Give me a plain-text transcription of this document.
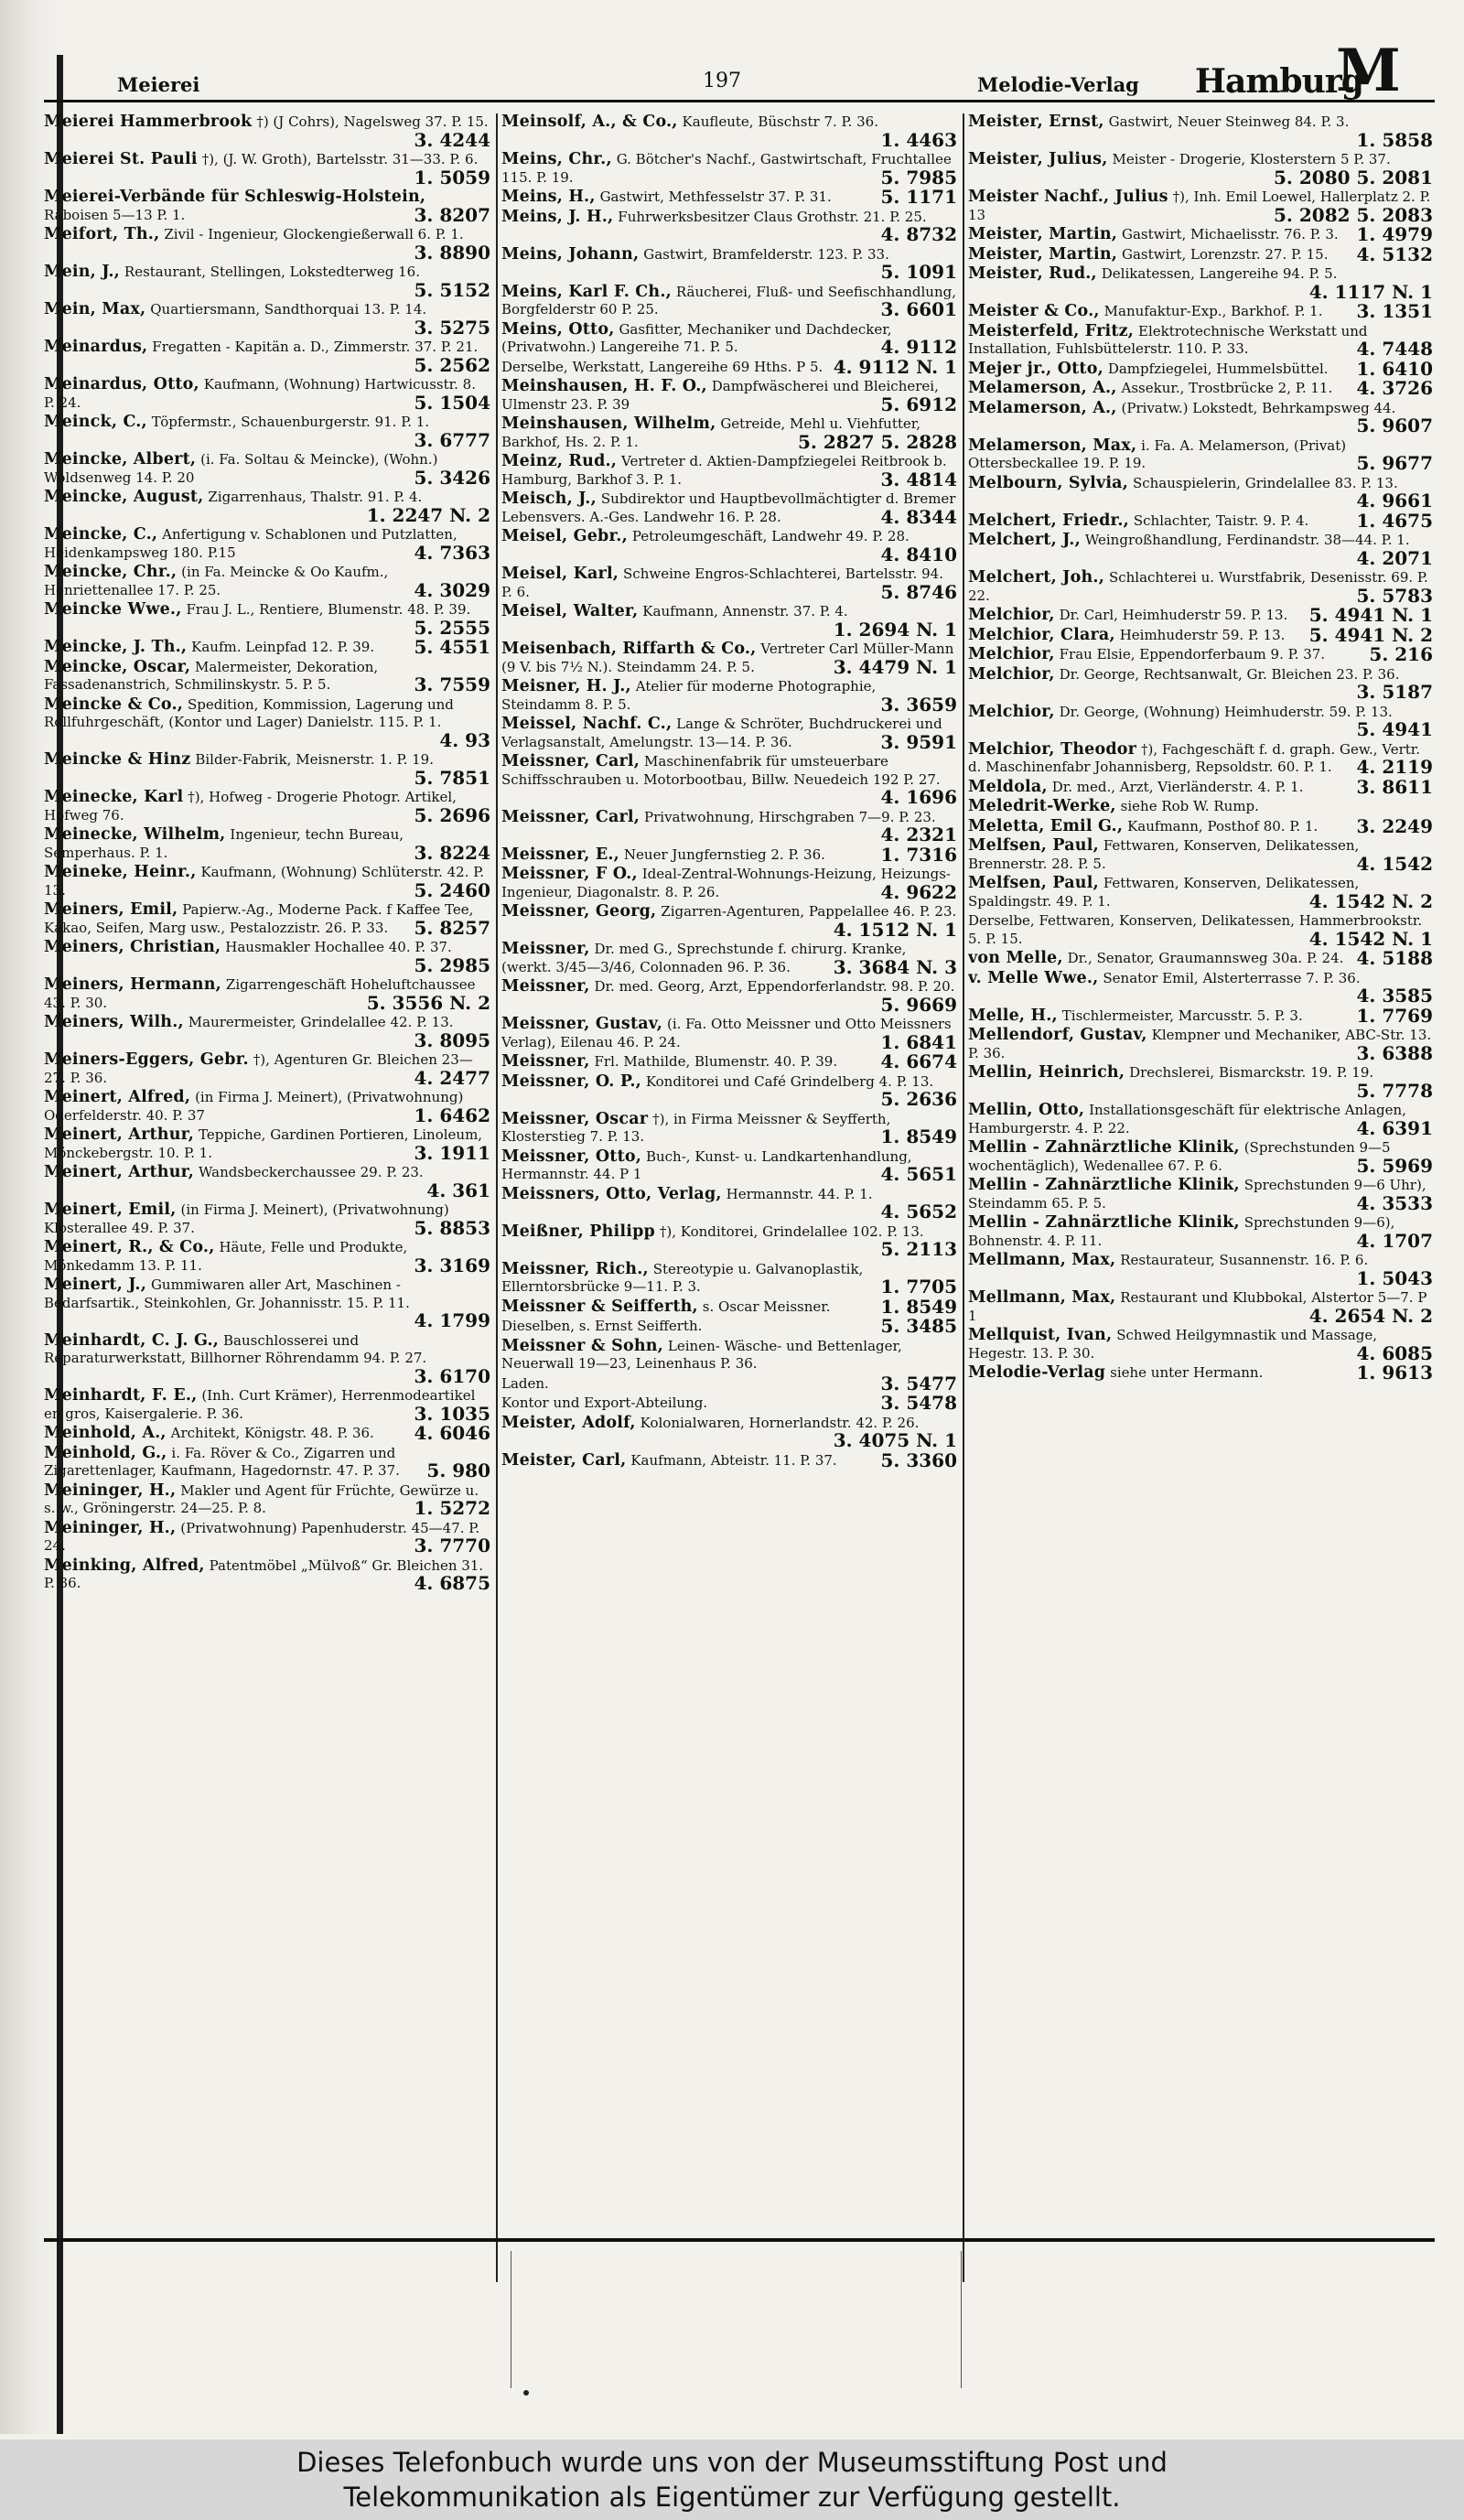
Meierei	197	Melodie-Verlag Hamburg
M
Meierei Hammerbrook †) (J Cohrs), Nagelsweg 37. P. 15.
3. 4244
Meierei St. Pauli †), (J. W. Groth), Bartelsstr. 31—33. P. 6.
1. 5059
Meierei-Verbände für Schleswig-Holstein, Raboisen 5—13 P. 1.	3. 8207
Meifort, Th., Zivil - Ingenieur, Glockengießerwall 6. P. 1.
3. 8890
Mein, J., Restaurant, Stellingen, Lokstedterweg 16.
5. 5152
Mein, Max, Quartiersmann, Sandthorquai 13. P. 14.
3. 5275
Meinardus, Fregatten - Kapitän a. D., Zimmerstr. 37. P. 21.
5. 2562
Meinardus, Otto, Kaufmann, (Wohnung) Hartwicusstr. 8. P. 24.	5. 1504
Meinck, C., Töpfermstr., Schauenburgerstr. 91. P. 1.
3. 6777
Meincke, Albert, (i. Fa. Soltau & Meincke), (Wohn.) Woldsenweg 14. P. 20	5. 3426
Meincke, August, Zigarrenhaus, Thalstr. 91. P. 4.
1. 2247 N. 2
Meincke, C., Anfertigung v. Schablonen und Putzlatten, Heidenkampsweg 180. P.15	4. 7363
Meincke, Chr., (in Fa. Meincke & Oo Kaufm., Henriettenallee 17. P. 25.	4. 3029
Meincke Wwe., Frau J. L., Rentiere, Blumenstr. 48. P. 39.
5. 2555
Meincke, J. Th., Kaufm. Leinpfad 12. P. 39. 5. 4551
Meincke, Oscar, Malermeister, Dekoration, Fassadenanstrich, Schmilinskystr. 5. P. 5.	3. 7559
Meincke & Co., Spedition, Kommission, Lagerung und Rollfuhrgeschäft, (Kontor und Lager) Danielstr. 115. P. 1.
4. 93
Meincke & Hinz Bilder-Fabrik, Meisnerstr. 1. P. 19.
5. 7851
Meinecke, Karl †), Hofweg - Drogerie Photogr. Artikel, Hofweg 76.	5. 2696
Meinecke, Wilhelm, Ingenieur, techn Bureau, Semperhaus. P. 1.	3. 8224
Meineke, Heinr., Kaufmann, (Wohnung) Schlüterstr. 42. P. 13.	5. 2460
Meiners, Emil, Papierw.-Ag., Moderne Pack. f Kaffee Tee, Kakao, Seifen, Marg usw., Pestalozzistr. 26. P. 33. 5. 8257
Meiners, Christian, Hausmakler Hochallee 40. P. 37.
5. 2985
Meiners, Hermann, Zigarrengeschäft Hoheluftchaussee 43. P. 30.	5. 3556 N. 2
Meiners, Wilh., Maurermeister, Grindelallee 42. P. 13.
3. 8095
Meiners-Eggers, Gebr. †), Agenturen Gr. Bleichen 23—27. P. 36.	4. 2477
Meinert, Alfred, (in Firma J. Meinert), (Privatwohnung) Oderfelderstr. 40. P. 37	1. 6462
Meinert, Arthur, Teppiche, Gardinen Portieren, Linoleum, Mönckebergstr. 10. P. 1.	3. 1911
Meinert, Arthur, Wandsbeckerchaussee 29. P. 23.
4. 361
Meinert, Emil, (in Firma J. Meinert), (Privatwohnung) Klosterallee 49. P. 37.	5. 8853
Meinert, R., & Co., Häute, Felle und Produkte, Mönkedamm 13. P. 11.	3. 3169
Meinert, J., Gummiwaren aller Art, Maschinen - Bedarfsartik., Steinkohlen, Gr. Johannisstr. 15. P. 11.
4. 1799
Meinhardt, C. J. G., Bauschlosserei und Reparaturwerkstatt, Billhorner Röhrendamm 94. P. 27.
3. 6170
Meinhardt, F. E., (Inh. Curt Krämer), Herrenmodeartikel en gros, Kaisergalerie. P. 36.	3. 1035
Meinhold, A., Architekt, Königstr. 48. P. 36. 4. 6046
Meinhold, G., i. Fa. Röver & Co., Zigarren und Zigarettenlager, Kaufmann, Hagedornstr. 47. P. 37. 5. 980
Meininger, H., Makler und Agent für Früchte, Gewürze u. s. w., Gröningerstr. 24—25. P. 8.	1. 5272
Meininger, H., (Privatwohnung) Papenhuderstr. 45—47. P. 24.	3. 7770
Meinking, Alfred, Patentmöbel „Mülvoß“ Gr. Bleichen 31. P. 36.	4. 6875
Meinsolf, A., & Co., Kaufleute, Büschstr 7. P. 36.
1. 4463
Meins, Chr., G. Bötcher's Nachf., Gastwirtschaft, Fruchtallee 115. P. 19.	5. 7985
Meins, H., Gastwirt, Methfesselstr 37. P. 31.	5. 1171
Meins, J. H., Fuhrwerksbesitzer Claus Grothstr. 21. P. 25.
4. 8732
Meins, Johann, Gastwirt, Bramfelderstr. 123. P. 33.
5. 1091
Meins, Karl F. Ch., Räucherei, Fluß- und Seefischhandlung, Borgfelderstr 60 P. 25.	3. 6601
Meins, Otto, Gasfitter, Mechaniker und Dachdecker, (Privatwohn.) Langereihe 71. P. 5.	4. 9112
Derselbe, Werkstatt, Langereihe 69 Hths. P 5. 4. 9112 N. 1
Meinshausen, H. F. O., Dampfwäscherei und Bleicherei, Ulmenstr 23. P. 39	5. 6912
Meinshausen, Wilhelm, Getreide, Mehl u. Viehfutter, Barkhof, Hs. 2. P. 1.	5. 2827 5. 2828
Meinz, Rud., Vertreter d. Aktien-Dampfziegelei Reitbrook b. Hamburg, Barkhof 3. P. 1.	3. 4814
Meisch, J., Subdirektor und Hauptbevollmächtigter d. Bremer Lebensvers. A.-Ges. Landwehr 16. P. 28.	4. 8344
Meisel, Gebr., Petroleumgeschäft, Landwehr 49. P. 28.
4. 8410
Meisel, Karl, Schweine Engros-Schlachterei, Bartelsstr. 94. P. 6.	5. 8746
Meisel, Walter, Kaufmann, Annenstr. 37. P. 4.
1. 2694 N. 1
Meisenbach, Riffarth & Co., Vertreter Carl Müller-Mann (9 V. bis 7½ N.). Steindamm 24. P. 5.	3. 4479 N. 1
Meisner, H. J., Atelier für moderne Photographie, Steindamm 8. P. 5.	3. 3659
Meissel, Nachf. C., Lange & Schröter, Buchdruckerei und Verlagsanstalt, Amelungstr. 13—14. P. 36.	3. 9591
Meissner, Carl, Maschinenfabrik für umsteuerbare Schiffsschrauben u. Motorbootbau, Billw. Neuedeich 192 P. 27.
4. 1696
Meissner, Carl, Privatwohnung, Hirschgraben 7—9. P. 23.
4. 2321
Meissner, E., Neuer Jungfernstieg 2. P. 36.	1. 7316
Meissner, F O., Ideal-Zentral-Wohnungs-Heizung, Heizungs-Ingenieur, Diagonalstr. 8. P. 26.	4. 9622
Meissner, Georg, Zigarren-Agenturen, Pappelallee 46. P. 23.
4. 1512 N. 1
Meissner, Dr. med G., Sprechstunde f. chirurg. Kranke, (werkt. 3/45—3/46, Colonnaden 96. P. 36. 3. 3684 N. 3
Meissner, Dr. med. Georg, Arzt, Eppendorferlandstr. 98. P. 20.
5. 9669
Meissner, Gustav, (i. Fa. Otto Meissner und Otto Meissners Verlag), Eilenau 46. P. 24.	1. 6841
Meissner, Frl. Mathilde, Blumenstr. 40. P. 39. 4. 6674
Meissner, O. P., Konditorei und Café Grindelberg 4. P. 13.
5. 2636
Meissner, Oscar †), in Firma Meissner & Seyfferth, Klosterstieg 7. P. 13.	1. 8549
Meissner, Otto, Buch-, Kunst- u. Landkartenhandlung, Hermannstr. 44. P 1	4. 5651
Meissners, Otto, Verlag, Hermannstr. 44. P. 1.
4. 5652
Meißner, Philipp †), Konditorei, Grindelallee 102. P. 13.
5. 2113
Meissner, Rich., Stereotypie u. Galvanoplastik, Ellerntorsbrücke 9—11. P. 3.	1. 7705
Meissner & Seifferth, s. Oscar Meissner.	1. 8549
Dieselben, s. Ernst Seifferth.	5. 3485
Meissner & Sohn, Leinen- Wäsche- und Bettenlager, Neuerwall 19—23, Leinenhaus P. 36.
Laden.	3. 5477
Kontor und Export-Abteilung.	3. 5478
Meister, Adolf, Kolonialwaren, Hornerlandstr. 42. P. 26.
3. 4075 N. 1
Meister, Carl, Kaufmann, Abteistr. 11. P. 37. 5. 3360
Meister, Ernst, Gastwirt, Neuer Steinweg 84. P. 3.
1. 5858
Meister, Julius, Meister - Drogerie, Klosterstern 5 P. 37.
5. 2080 5. 2081
Meister Nachf., Julius †), Inh. Emil Loewel, Hallerplatz 2. P. 13	5. 2082 5. 2083
Meister, Martin, Gastwirt, Michaelisstr. 76. P. 3. 1. 4979
Meister, Martin, Gastwirt, Lorenzstr. 27. P. 15. 4. 5132
Meister, Rud., Delikatessen, Langereihe 94. P. 5.
4. 1117 N. 1
Meister & Co., Manufaktur-Exp., Barkhof. P. 1. 3. 1351
Meisterfeld, Fritz, Elektrotechnische Werkstatt und Installation, Fuhlsbüttelerstr. 110. P. 33.	4. 7448
Mejer jr., Otto, Dampfziegelei, Hummelsbüttel. 1. 6410
Melamerson, A., Assekur., Trostbrücke 2, P. 11. 4. 3726
Melamerson, A., (Privatw.) Lokstedt, Behrkampsweg 44.
5. 9607
Melamerson, Max, i. Fa. A. Melamerson, (Privat) Ottersbeckallee 19. P. 19.	5. 9677
Melbourn, Sylvia, Schauspielerin, Grindelallee 83. P. 13.
4. 9661
Melchert, Friedr., Schlachter, Taistr. 9. P. 4.	1. 4675
Melchert, J., Weingroßhandlung, Ferdinandstr. 38—44. P. 1.
4. 2071
Melchert, Joh., Schlachterei u. Wurstfabrik, Desenisstr. 69. P. 22.	5. 5783
Melchior, Dr. Carl, Heimhuderstr 59. P. 13. 5. 4941 N. 1
Melchior, Clara, Heimhuderstr 59. P. 13. 5. 4941 N. 2
Melchior, Frau Elsie, Eppendorferbaum 9. P. 37. 5. 216
Melchior, Dr. George, Rechtsanwalt, Gr. Bleichen 23. P. 36.
3. 5187
Melchior, Dr. George, (Wohnung) Heimhuderstr. 59. P. 13.
5. 4941
Melchior, Theodor †), Fachgeschäft f. d. graph. Gew., Vertr. d. Maschinenfabr Johannisberg, Repsoldstr. 60. P. 1. 4. 2119
Meldola, Dr. med., Arzt, Vierländerstr. 4. P. 1.	3. 8611
Meledrit-Werke, siehe Rob W. Rump.
Meletta, Emil G., Kaufmann, Posthof 80. P. 1. 3. 2249
Melfsen, Paul, Fettwaren, Konserven, Delikatessen, Brennerstr. 28. P. 5.	4. 1542
Melfsen, Paul, Fettwaren, Konserven, Delikatessen, Spaldingstr. 49. P. 1.	4. 1542 N. 2
Derselbe, Fettwaren, Konserven, Delikatessen, Hammerbrookstr. 5. P. 15.	4. 1542 N. 1
von Melle, Dr., Senator, Graumannsweg 30a. P. 24. 4. 5188
v. Melle Wwe., Senator Emil, Alsterterrasse 7. P. 36.
4. 3585
Melle, H., Tischlermeister, Marcusstr. 5. P. 3.	1. 7769
Mellendorf, Gustav, Klempner und Mechaniker, ABC-Str. 13. P. 36.	3. 6388
Mellin, Heinrich, Drechslerei, Bismarckstr. 19. P. 19.
5. 7778
Mellin, Otto, Installationsgeschäft für elektrische Anlagen, Hamburgerstr. 4. P. 22.	4. 6391
Mellin - Zahnärztliche Klinik, (Sprechstunden 9—5 wochentäglich), Wedenallee 67. P. 6.	5. 5969
Mellin - Zahnärztliche Klinik, Sprechstunden 9—6 Uhr), Steindamm 65. P. 5.	4. 3533
Mellin - Zahnärztliche Klinik, Sprechstunden 9—6), Bohnenstr. 4. P. 11.	4. 1707
Mellmann, Max, Restaurateur, Susannenstr. 16. P. 6.
1. 5043
Mellmann, Max, Restaurant und Klubbokal, Alstertor 5—7. P 1	4. 2654 N. 2
Mellquist, Ivan, Schwed Heilgymnastik und Massage, Hegestr. 13. P. 30.	4. 6085
Melodie-Verlag siehe unter Hermann.	1. 9613
Dieses Telefonbuch wurde uns von der Museumsstiftung Post und
Telekommunikation als Eigentümer zur Verfügung gestellt.
